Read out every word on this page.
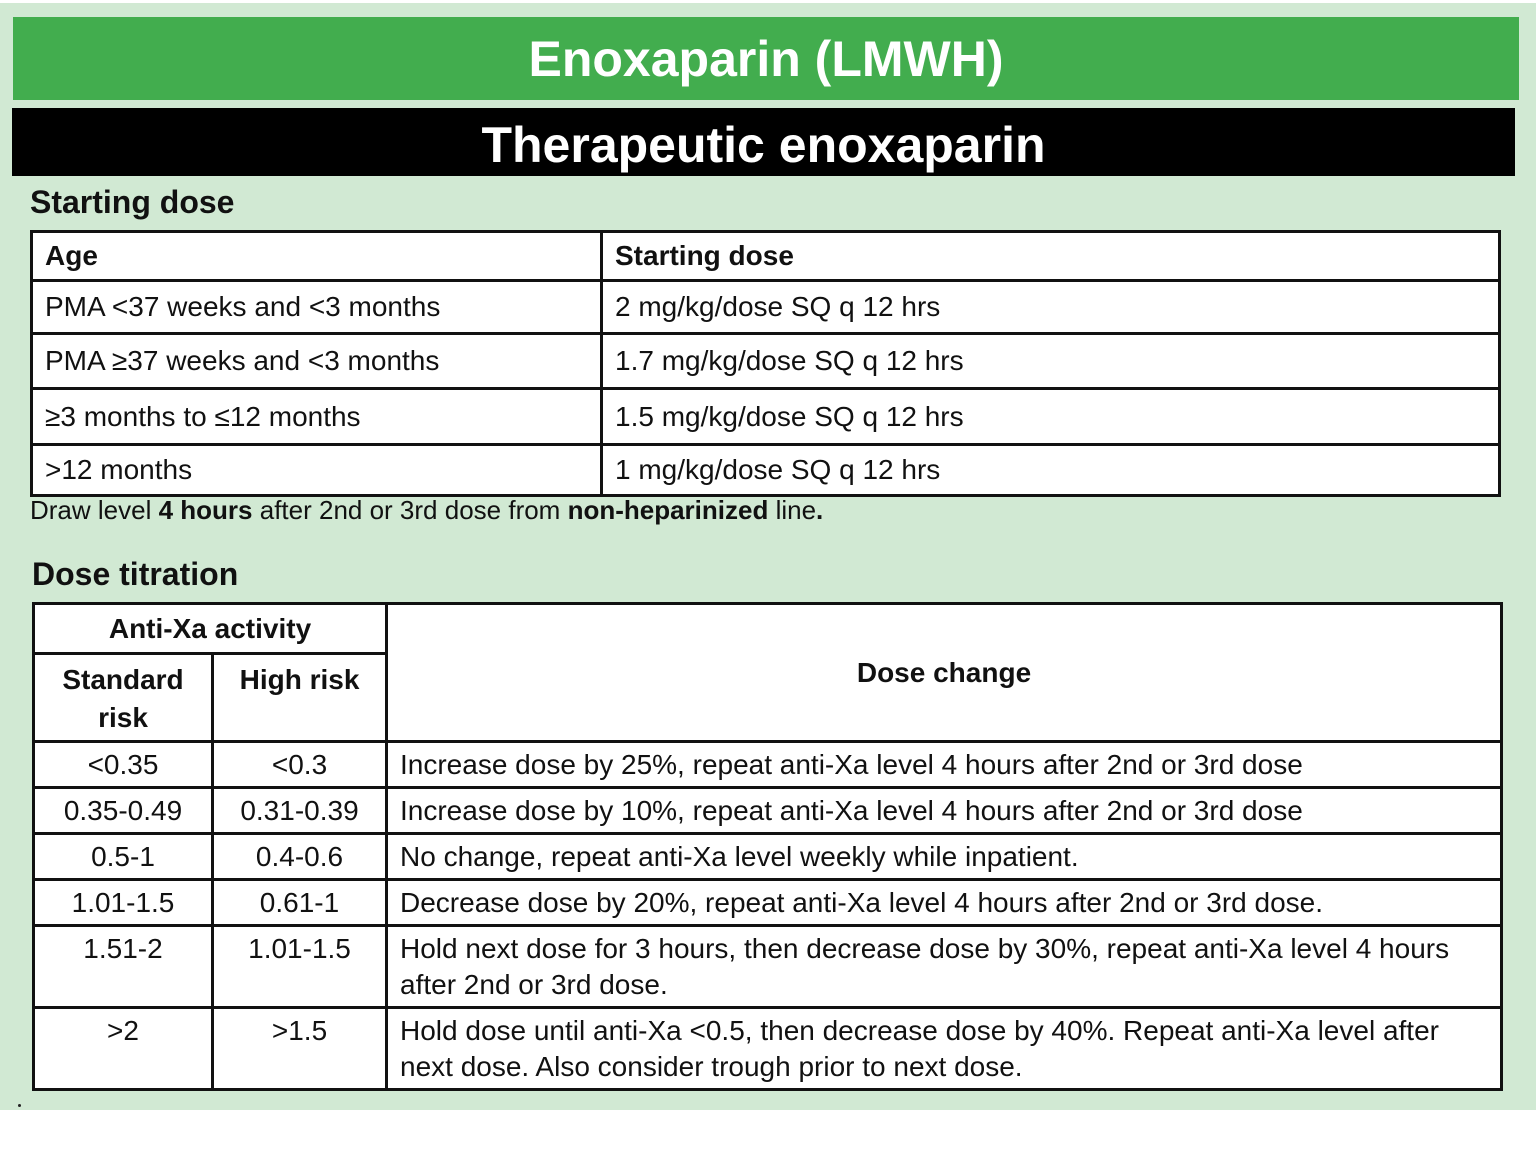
Enoxaparin (LMWH)
Therapeutic enoxaparin
Starting dose
Age	Starting dose
PMA <37 weeks and <3 months	2 mg/kg/dose SQ q 12 hrs
PMA ≥37 weeks and <3 months	1.7 mg/kg/dose SQ q 12 hrs
≥3 months to ≤12 months	1.5 mg/kg/dose SQ q 12 hrs
>12 months	1 mg/kg/dose SQ q 12 hrs
Draw level 4 hours after 2nd or 3rd dose from non-heparinized line.
Dose titration
Anti-Xa activity		Dose change
Standard risk	High risk	
<0.35	<0.3	Increase dose by 25%, repeat anti-Xa level 4 hours after 2nd or 3rd dose
0.35-0.49	0.31-0.39	Increase dose by 10%, repeat anti-Xa level 4 hours after 2nd or 3rd dose
0.5-1	0.4-0.6	No change, repeat anti-Xa level weekly while inpatient.
1.01-1.5	0.61-1	Decrease dose by 20%, repeat anti-Xa level 4 hours after 2nd or 3rd dose.
1.51-2	1.01-1.5	Hold next dose for 3 hours, then decrease dose by 30%, repeat anti-Xa level 4 hours after 2nd or 3rd dose.
>2	>1.5	Hold dose until anti-Xa <0.5, then decrease dose by 40%. Repeat anti-Xa level after next dose. Also consider trough prior to next dose.
